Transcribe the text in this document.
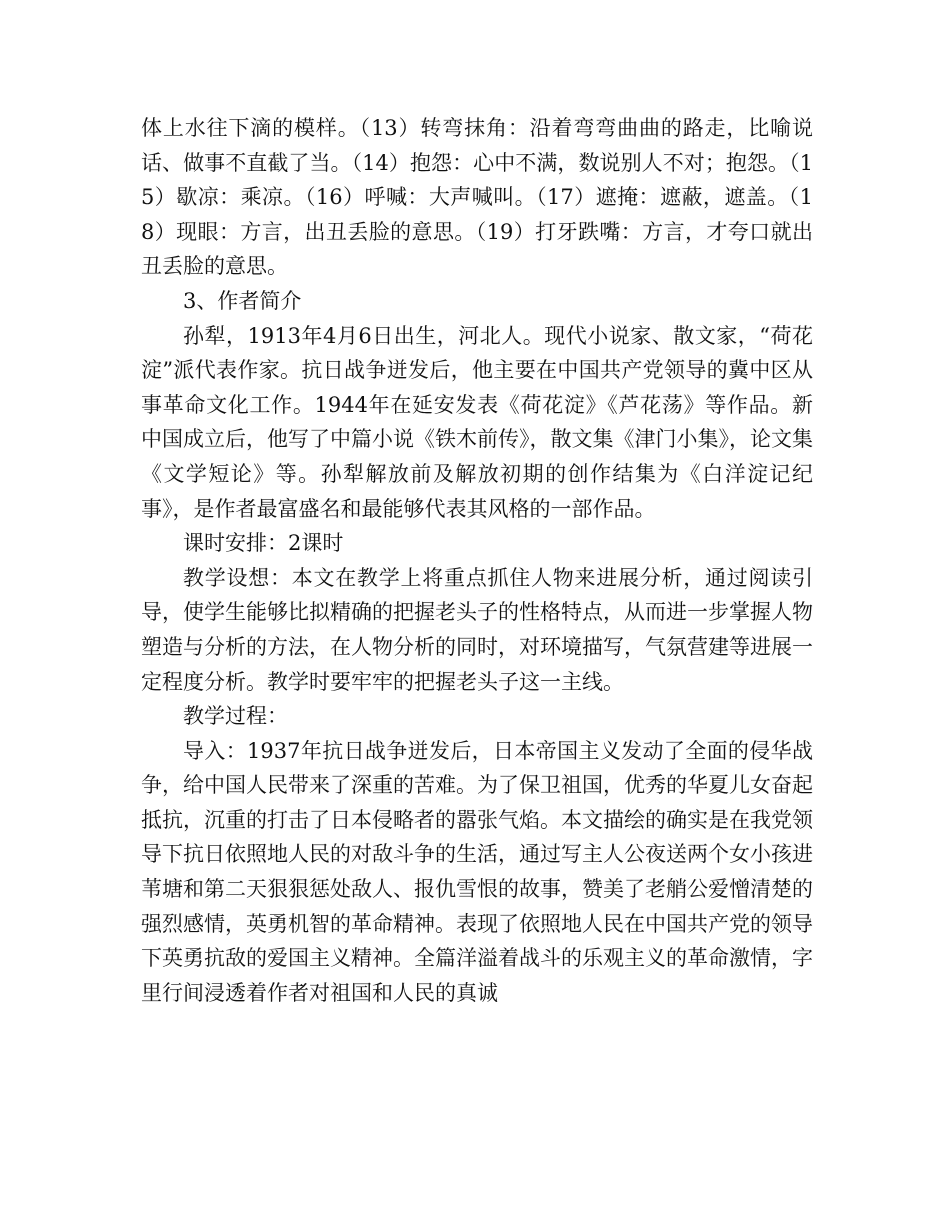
体上水往下滴的模样。（13）转弯抹角：沿着弯弯曲曲的路走，比喻说话、做事不直截了当。（14）抱怨：心中不满，数说别人不对；抱怨。（15）歇凉：乘凉。（16）呼喊：大声喊叫。（17）遮掩：遮蔽，遮盖。（18）现眼：方言，出丑丢脸的意思。（19）打牙跌嘴：方言，才夸口就出丑丢脸的意思。

3、作者简介

孙犁，1913年4月6日出生，河北人。现代小说家、散文家，“荷花淀”派代表作家。抗日战争迸发后，他主要在中国共产党领导的冀中区从事革命文化工作。1944年在延安发表《荷花淀》《芦花荡》等作品。新中国成立后，他写了中篇小说《铁木前传》，散文集《津门小集》，论文集《文学短论》等。孙犁解放前及解放初期的创作结集为《白洋淀记纪事》，是作者最富盛名和最能够代表其风格的一部作品。

课时安排：2课时

教学设想：本文在教学上将重点抓住人物来进展分析，通过阅读引导，使学生能够比拟精确的把握老头子的性格特点，从而进一步掌握人物塑造与分析的方法，在人物分析的同时，对环境描写，气氛营建等进展一定程度分析。教学时要牢牢的把握老头子这一主线。

教学过程：

导入：1937年抗日战争迸发后，日本帝国主义发动了全面的侵华战争，给中国人民带来了深重的苦难。为了保卫祖国，优秀的华夏儿女奋起抵抗，沉重的打击了日本侵略者的嚣张气焰。本文描绘的确实是在我党领导下抗日依照地人民的对敌斗争的生活，通过写主人公夜送两个女小孩进苇塘和第二天狠狠惩处敌人、报仇雪恨的故事，赞美了老艄公爱憎清楚的强烈感情，英勇机智的革命精神。表现了依照地人民在中国共产党的领导下英勇抗敌的爱国主义精神。全篇洋溢着战斗的乐观主义的革命激情，字里行间浸透着作者对祖国和人民的真诚
